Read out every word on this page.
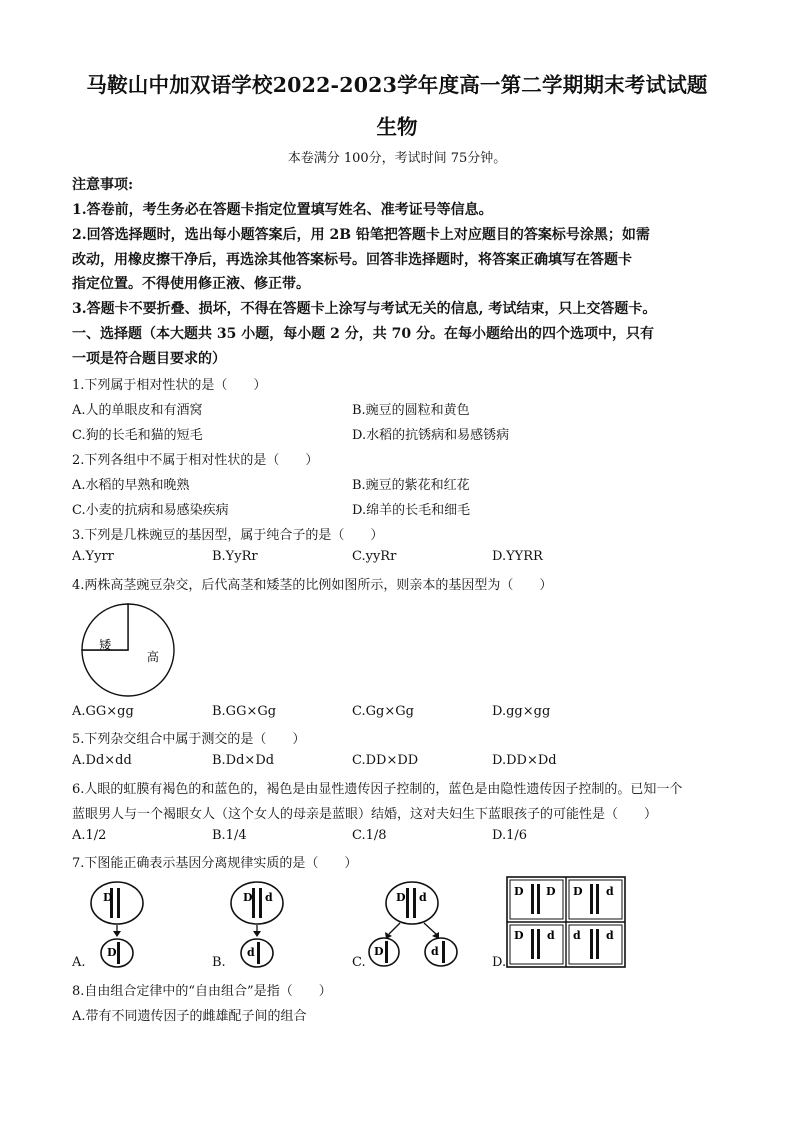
马鞍山中加双语学校2022-2023学年度高一第二学期期末考试试题
生物
本卷满分 100分，考试时间 75分钟。
注意事项:
1.答卷前，考生务必在答题卡指定位置填写姓名、准考证号等信息。
2.回答选择题时，选出每小题答案后，用 2B 铅笔把答题卡上对应题目的答案标号涂黑；如需
改动，用橡皮擦干净后，再选涂其他答案标号。回答非选择题时，将答案正确填写在答题卡
指定位置。不得使用修正液、修正带。
3.答题卡不要折叠、损坏，不得在答题卡上涂写与考试无关的信息, 考试结束，只上交答题卡。
一、选择题（本大题共 35 小题，每小题 2 分，共 70 分。在每小题给出的四个选项中，只有
一项是符合题目要求的）
1.下列属于相对性状的是（　　）
A.人的单眼皮和有酒窝	B.豌豆的圆粒和黄色
C.狗的长毛和猫的短毛	D.水稻的抗锈病和易感锈病
2.下列各组中不属于相对性状的是（　　）
A.水稻的早熟和晚熟	B.豌豆的紫花和红花
C.小麦的抗病和易感染疾病	D.绵羊的长毛和细毛
3.下列是几株豌豆的基因型，属于纯合子的是（　　）
A.Yyrr	B.YyRr	C.yyRr	D.YYRR
4.两株高茎豌豆杂交，后代高茎和矮茎的比例如图所示，则亲本的基因型为（　　）
高
矮
A.GG×gg	B.GG×Gg	C.Gg×Gg	D.gg×gg
5.下列杂交组合中属于测交的是（　　）
A.Dd×dd	B.Dd×Dd	C.DD×DD	D.DD×Dd
6.人眼的虹膜有褐色的和蓝色的，褐色是由显性遗传因子控制的，蓝色是由隐性遗传因子控制的。已知一个
蓝眼男人与一个褐眼女人（这个女人的母亲是蓝眼）结婚，这对夫妇生下蓝眼孩子的可能性是（　　）
A.1/2	B.1/4	C.1/8	D.1/6
7.下图能正确表示基因分离规律实质的是（　　）
D
D
A.
D d
d
B.
D d
D	d
C.
D D D d
D d d d
D.
8.自由组合定律中的“自由组合”是指（　　）
A.带有不同遗传因子的雌雄配子间的组合
